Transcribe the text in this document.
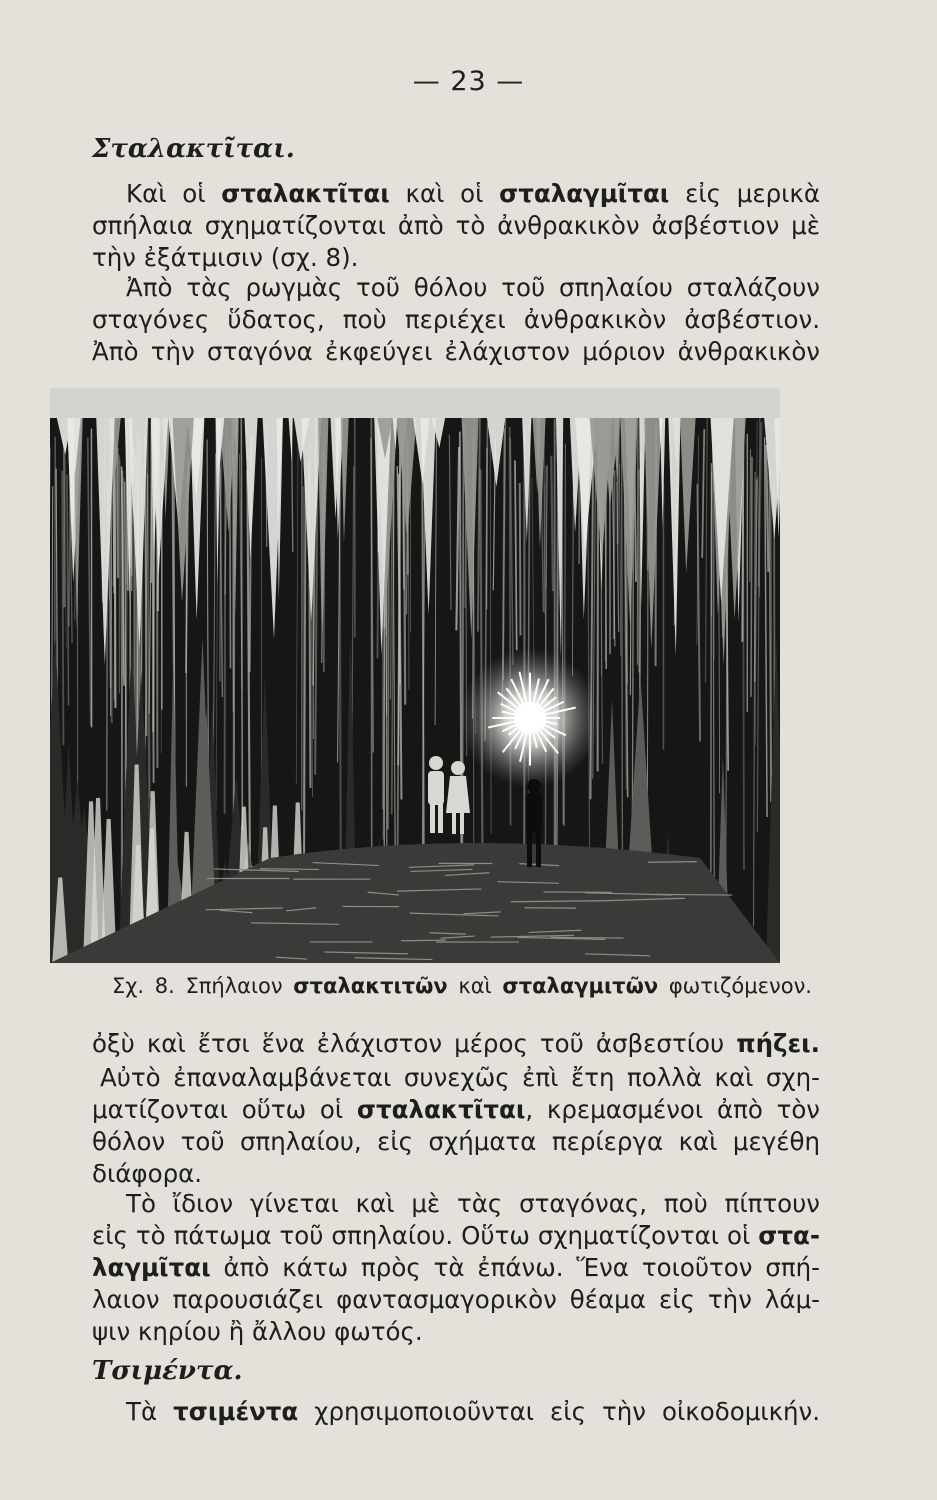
— 23 —
Σταλακτῖται.
Καὶ οἱ σταλακτῖται καὶ οἱ σταλαγμῖται εἰς μερικὰ
σπήλαια σχηματίζονται ἀπὸ τὸ ἀνθρακικὸν ἀσβέστιον μὲ
τὴν ἐξάτμισιν (σχ. 8).
Ἀπὸ τὰς ρωγμὰς τοῦ θόλου τοῦ σπηλαίου σταλάζουν
σταγόνες ὕδατος, ποὺ περιέχει ἀνθρακικὸν ἀσβέστιον.
Ἀπὸ τὴν σταγόνα ἐκφεύγει ἐλάχιστον μόριον ἀνθρακικὸν
Σχ. 8. Σπήλαιον σταλακτιτῶν καὶ σταλαγμιτῶν φωτιζόμενον.
ὀξὺ καὶ ἔτσι ἕνα ἐλάχιστον μέρος τοῦ ἀσβεστίου πήζει.
Αὐτὸ ἐπαναλαμβάνεται συνεχῶς ἐπὶ ἔτη πολλὰ καὶ σχη-
ματίζονται οὕτω οἱ σταλακτῖται, κρεμασμένοι ἀπὸ τὸν
θόλον τοῦ σπηλαίου, εἰς σχήματα περίεργα καὶ μεγέθη
διάφορα.
Τὸ ἴδιον γίνεται καὶ μὲ τὰς σταγόνας, ποὺ πίπτουν
εἰς τὸ πάτωμα τοῦ σπηλαίου. Οὕτω σχηματίζονται οἱ στα-
λαγμῖται ἀπὸ κάτω πρὸς τὰ ἐπάνω. Ἕνα τοιοῦτον σπή-
λαιον παρουσιάζει φαντασμαγορικὸν θέαμα εἰς τὴν λάμ-
ψιν κηρίου ἢ ἄλλου φωτός.
Τσιμέντα.
Τὰ τσιμέντα χρησιμοποιοῦνται εἰς τὴν οἰκοδομικήν.
